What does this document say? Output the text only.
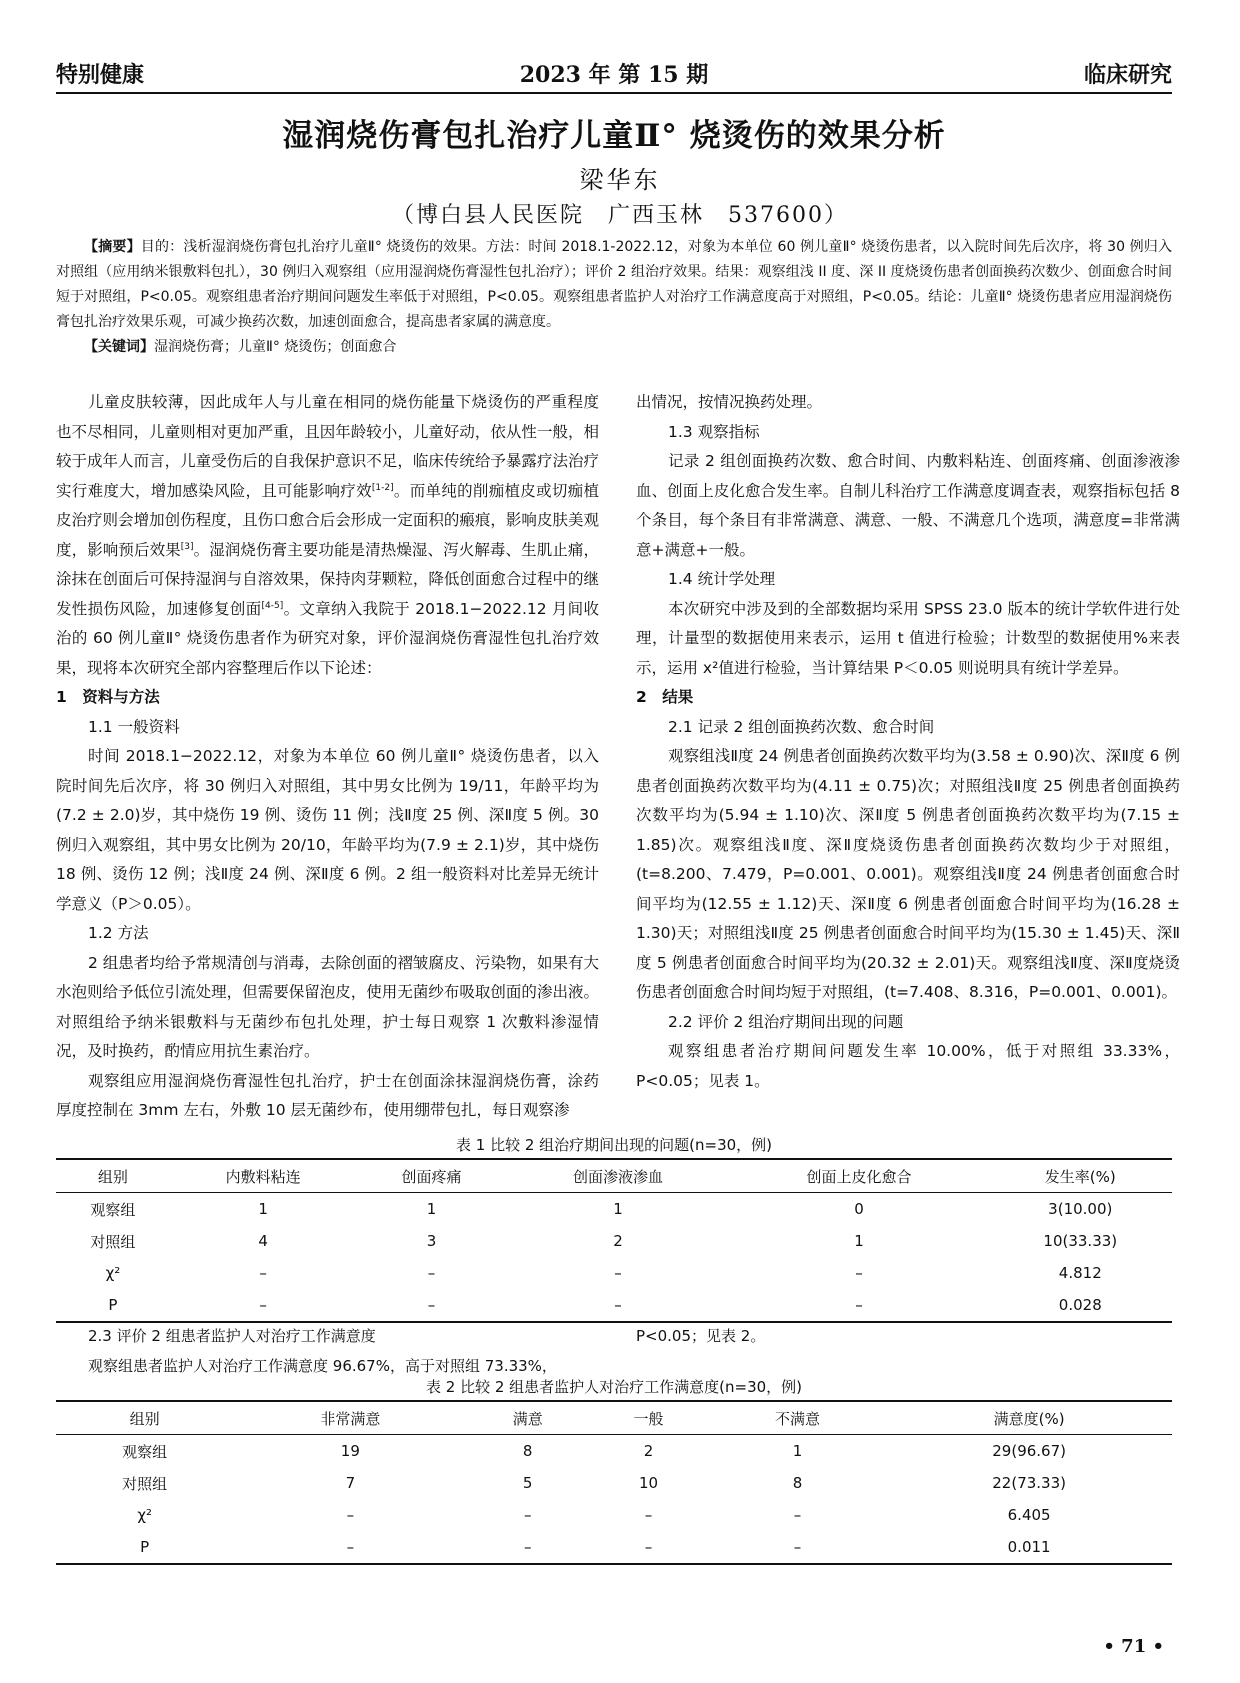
特别健康	2023 年 第 15 期	临床研究
湿润烧伤膏包扎治疗儿童Ⅱ° 烧烫伤的效果分析
梁华东
（博白县人民医院　广西玉林　537600）

【摘要】目的：浅析湿润烧伤膏包扎治疗儿童Ⅱ° 烧烫伤的效果。方法：时间 2018.1-2022.12，对象为本单位 60 例儿童Ⅱ° 烧烫伤患者，以入院时间先后次序，将 30 例归入对照组（应用纳米银敷料包扎），30 例归入观察组（应用湿润烧伤膏湿性包扎治疗）；评价 2 组治疗效果。结果：观察组浅 II 度、深 II 度烧烫伤患者创面换药次数少、创面愈合时间短于对照组，P<0.05。观察组患者治疗期间问题发生率低于对照组，P<0.05。观察组患者监护人对治疗工作满意度高于对照组，P<0.05。结论：儿童Ⅱ° 烧烫伤患者应用湿润烧伤膏包扎治疗效果乐观，可减少换药次数，加速创面愈合，提高患者家属的满意度。

【关键词】湿润烧伤膏；儿童Ⅱ° 烧烫伤；创面愈合

儿童皮肤较薄，因此成年人与儿童在相同的烧伤能量下烧烫伤的严重程度也不尽相同，儿童则相对更加严重，且因年龄较小，儿童好动，依从性一般，相较于成年人而言，儿童受伤后的自我保护意识不足，临床传统给予暴露疗法治疗实行难度大，增加感染风险，且可能影响疗效[1-2]。而单纯的削痂植皮或切痂植皮治疗则会增加创伤程度，且伤口愈合后会形成一定面积的瘢痕，影响皮肤美观度，影响预后效果[3]。湿润烧伤膏主要功能是清热燥湿、泻火解毒、生肌止痛，涂抹在创面后可保持湿润与自溶效果，保持肉芽颗粒，降低创面愈合过程中的继发性损伤风险，加速修复创面[4-5]。文章纳入我院于 2018.1−2022.12 月间收治的 60 例儿童Ⅱ° 烧烫伤患者作为研究对象，评价湿润烧伤膏湿性包扎治疗效果，现将本次研究全部内容整理后作以下论述：

1　资料与方法

1.1 一般资料

时间 2018.1−2022.12，对象为本单位 60 例儿童Ⅱ° 烧烫伤患者，以入院时间先后次序，将 30 例归入对照组，其中男女比例为 19/11，年龄平均为(7.2 ± 2.0)岁，其中烧伤 19 例、烫伤 11 例；浅Ⅱ度 25 例、深Ⅱ度 5 例。30 例归入观察组，其中男女比例为 20/10，年龄平均为(7.9 ± 2.1)岁，其中烧伤 18 例、烫伤 12 例；浅Ⅱ度 24 例、深Ⅱ度 6 例。2 组一般资料对比差异无统计学意义（P＞0.05）。

1.2 方法

2 组患者均给予常规清创与消毒，去除创面的褶皱腐皮、污染物，如果有大水泡则给予低位引流处理，但需要保留泡皮，使用无菌纱布吸取创面的渗出液。对照组给予纳米银敷料与无菌纱布包扎处理，护士每日观察 1 次敷料渗湿情况，及时换药，酌情应用抗生素治疗。

观察组应用湿润烧伤膏湿性包扎治疗，护士在创面涂抹湿润烧伤膏，涂药厚度控制在 3mm 左右，外敷 10 层无菌纱布，使用绷带包扎，每日观察渗

出情况，按情况换药处理。

1.3 观察指标

记录 2 组创面换药次数、愈合时间、内敷料粘连、创面疼痛、创面渗液渗血、创面上皮化愈合发生率。自制儿科治疗工作满意度调查表，观察指标包括 8 个条目，每个条目有非常满意、满意、一般、不满意几个选项，满意度=非常满意+满意+一般。

1.4 统计学处理

本次研究中涉及到的全部数据均采用 SPSS 23.0 版本的统计学软件进行处理，计量型的数据使用来表示，运用 t 值进行检验；计数型的数据使用%来表示，运用 x²值进行检验，当计算结果 P＜0.05 则说明具有统计学差异。

2　结果

2.1 记录 2 组创面换药次数、愈合时间

观察组浅Ⅱ度 24 例患者创面换药次数平均为(3.58 ± 0.90)次、深Ⅱ度 6 例患者创面换药次数平均为(4.11 ± 0.75)次；对照组浅Ⅱ度 25 例患者创面换药次数平均为(5.94 ± 1.10)次、深Ⅱ度 5 例患者创面换药次数平均为(7.15 ± 1.85)次。观察组浅Ⅱ度、深Ⅱ度烧烫伤患者创面换药次数均少于对照组，(t=8.200、7.479，P=0.001、0.001)。观察组浅Ⅱ度 24 例患者创面愈合时间平均为(12.55 ± 1.12)天、深Ⅱ度 6 例患者创面愈合时间平均为(16.28 ± 1.30)天；对照组浅Ⅱ度 25 例患者创面愈合时间平均为(15.30 ± 1.45)天、深Ⅱ度 5 例患者创面愈合时间平均为(20.32 ± 2.01)天。观察组浅Ⅱ度、深Ⅱ度烧烫伤患者创面愈合时间均短于对照组，(t=7.408、8.316，P=0.001、0.001)。

2.2 评价 2 组治疗期间出现的问题

观察组患者治疗期间问题发生率 10.00%，低于对照组 33.33%，P<0.05；见表 1。

表 1 比较 2 组治疗期间出现的问题(n=30，例)
组别	内敷料粘连	创面疼痛	创面渗液渗血	创面上皮化愈合	发生率(%)
观察组	1	1	1	0	3(10.00)
对照组	4	3	2	1	10(33.33)
χ²	–	–	–	–	4.812
P	–	–	–	–	0.028
2.3 评价 2 组患者监护人对治疗工作满意度	P<0.05；见表 2。
观察组患者监护人对治疗工作满意度 96.67%，高于对照组 73.33%，
表 2 比较 2 组患者监护人对治疗工作满意度(n=30，例)
组别	非常满意	满意	一般	不满意	满意度(%)
观察组	19	8	2	1	29(96.67)
对照组	7	5	10	8	22(73.33)
χ²	–	–	–	–	6.405
P	–	–	–	–	0.011
• 71 •
